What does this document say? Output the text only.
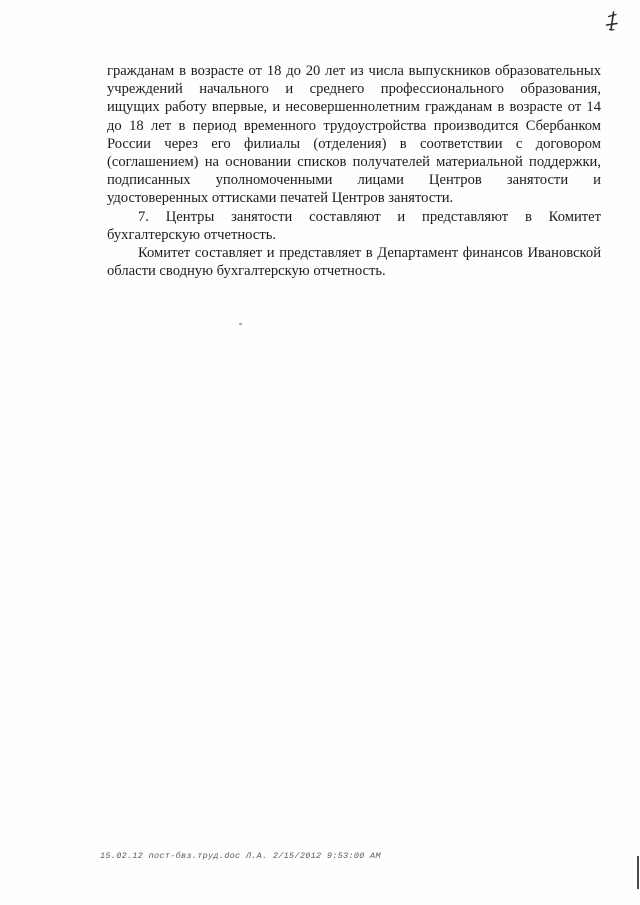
гражданам в возрасте от 18 до 20 лет из числа выпускников образовательных
учреждений начального и среднего профессионального образования,
ищущих работу впервые, и несовершеннолетним гражданам в возрасте от 14
до 18 лет в период временного трудоустройства производится Сбербанком
России через его филиалы (отделения) в соответствии с договором
(соглашением) на основании списков получателей материальной поддержки,
подписанных уполномоченными лицами Центров занятости и
удостоверенных оттисками печатей Центров занятости.
7. Центры занятости составляют и представляют в Комитет
бухгалтерскую отчетность.
Комитет составляет и представляет в Департамент финансов Ивановской
области сводную бухгалтерскую отчетность.
15.02.12 пост-бвз.труд.doc Л.А. 2/15/2012 9:53:00 AM
